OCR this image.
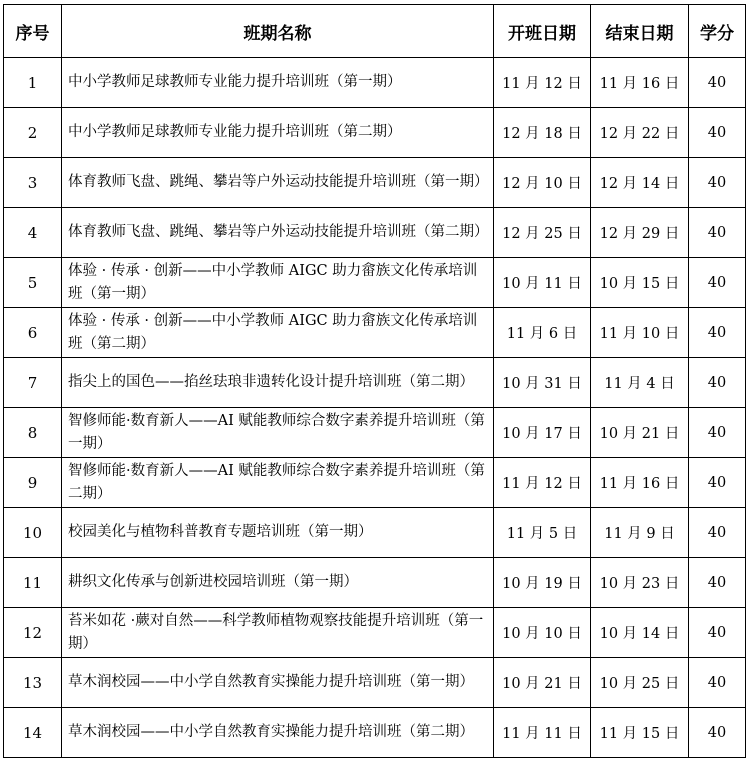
序号	班期名称	开班日期	结束日期	学分
1	中小学教师足球教师专业能力提升培训班（第一期）	11 月 12 日	11 月 16 日	40
2	中小学教师足球教师专业能力提升培训班（第二期）	12 月 18 日	12 月 22 日	40
3	体育教师飞盘、跳绳、攀岩等户外运动技能提升培训班（第一期）	12 月 10 日	12 月 14 日	40
4	体育教师飞盘、跳绳、攀岩等户外运动技能提升培训班（第二期）	12 月 25 日	12 月 29 日	40
5	体验 · 传承 · 创新——中小学教师 AIGC 助力畲族文化传承培训班（第一期）	10 月 11 日	10 月 15 日	40
6	体验 · 传承 · 创新——中小学教师 AIGC 助力畲族文化传承培训班（第二期）	11 月 6 日	11 月 10 日	40
7	指尖上的国色——掐丝珐琅非遗转化设计提升培训班（第二期）	10 月 31 日	11 月 4 日	40
8	智修师能·数育新人——AI 赋能教师综合数字素养提升培训班（第一期）	10 月 17 日	10 月 21 日	40
9	智修师能·数育新人——AI 赋能教师综合数字素养提升培训班（第二期）	11 月 12 日	11 月 16 日	40
10	校园美化与植物科普教育专题培训班（第一期）	11 月 5 日	11 月 9 日	40
11	耕织文化传承与创新进校园培训班（第一期）	10 月 19 日	10 月 23 日	40
12	苔米如花 ·蕨对自然——科学教师植物观察技能提升培训班（第一期）	10 月 10 日	10 月 14 日	40
13	草木润校园——中小学自然教育实操能力提升培训班（第一期）	10 月 21 日	10 月 25 日	40
14	草木润校园——中小学自然教育实操能力提升培训班（第二期）	11 月 11 日	11 月 15 日	40
